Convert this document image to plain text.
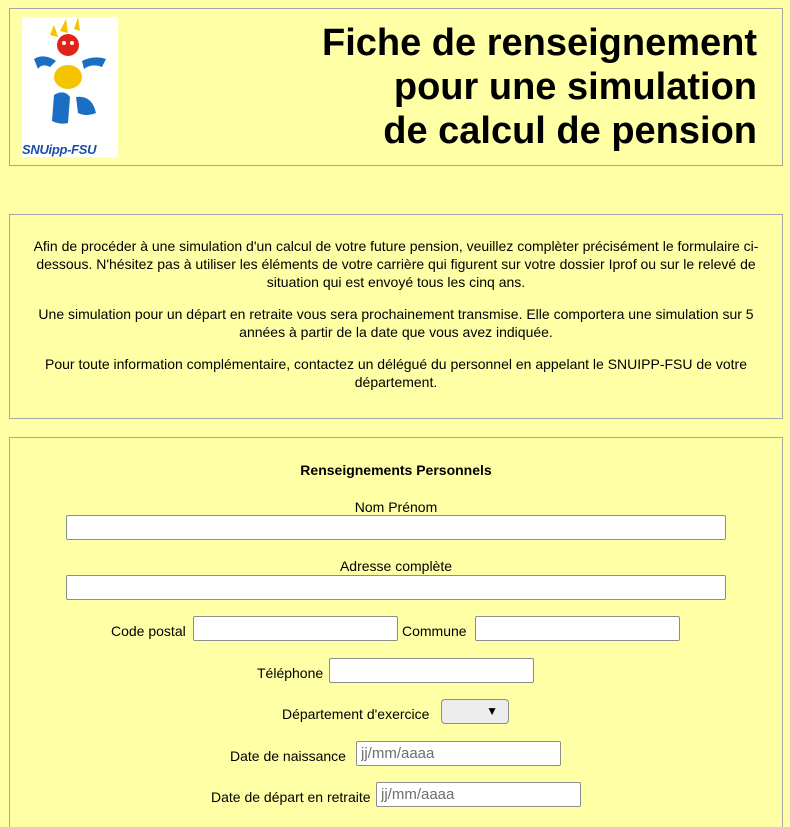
SNUipp-FSU
Fiche de renseignement
pour une simulation
de calcul de pension

Afin de procéder à une simulation d'un calcul de votre future pension, veuillez complèter précisément le formulaire ci-dessous. N'hésitez pas à utiliser les éléments de votre carrière qui figurent sur votre dossier Iprof ou sur le relevé de situation qui est envoyé tous les cinq ans.

Une simulation pour un départ en retraite vous sera prochainement transmise. Elle comportera une simulation sur 5 années à partir de la date que vous avez indiquée.

Pour toute information complémentaire, contactez un délégué du personnel en appelant le SNUIPP-FSU de votre département.

Renseignements Personnels
Nom Prénom
Adresse complète
Code postal	Commune
Téléphone
Département d'exercice	▼
Date de naissance
jj/mm/aaaa
Date de départ en retraite
jj/mm/aaaa
